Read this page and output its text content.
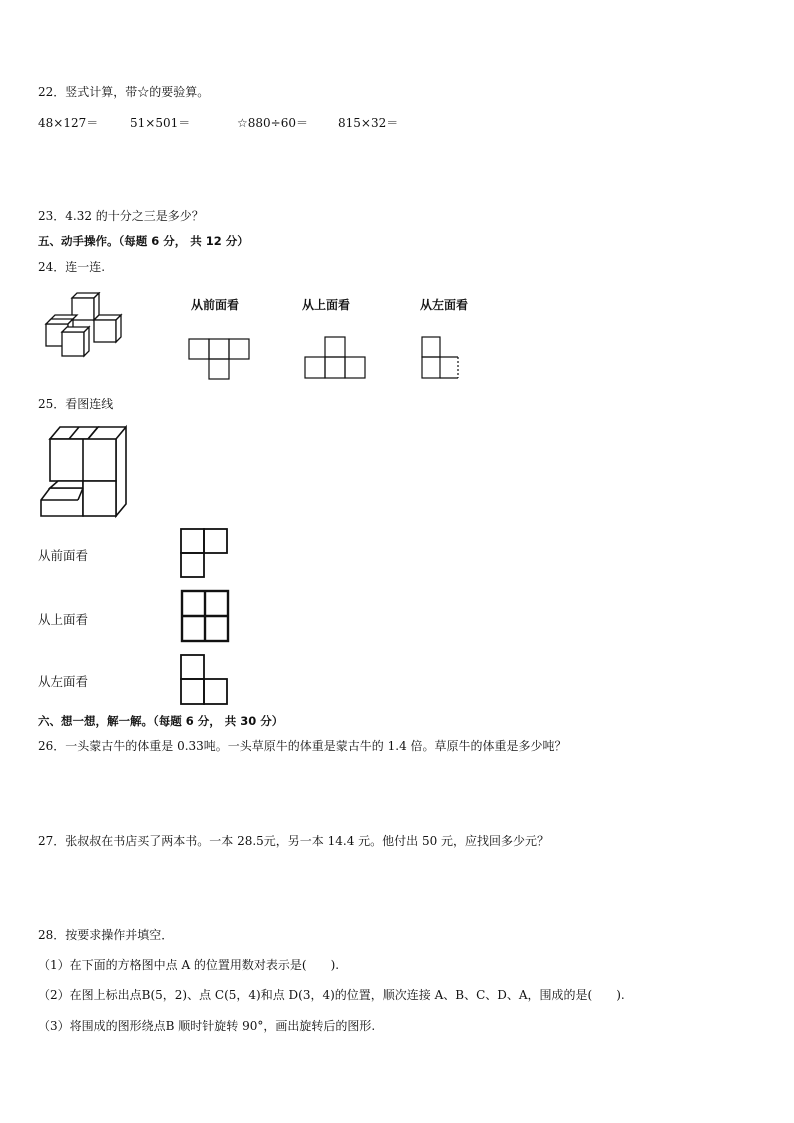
22．竖式计算，带☆的要验算。
48×127＝	51×501＝	☆880÷60＝	815×32＝
23．4.32 的十分之三是多少？
五、动手操作。（每题 6 分， 共 12 分）
24．连一连.
从前面看	从上面看	从左面看
25．看图连线
从前面看
从上面看
从左面看
六、想一想，解一解。（每题 6 分， 共 30 分）
26．一头蒙古牛的体重是 0.33吨。一头草原牛的体重是蒙古牛的 1.4 倍。草原牛的体重是多少吨？
27．张叔叔在书店买了两本书。一本 28.5元，另一本 14.4 元。他付出 50 元，应找回多少元？
28．按要求操作并填空．
（1）在下面的方格图中点 A 的位置用数对表示是(　　).
（2）在图上标出点B(5，2)、点 C(5，4)和点 D(3，4)的位置，顺次连接 A、B、C、D、A，围成的是(　　).
（3）将围成的图形绕点B 顺时针旋转 90°，画出旋转后的图形.
